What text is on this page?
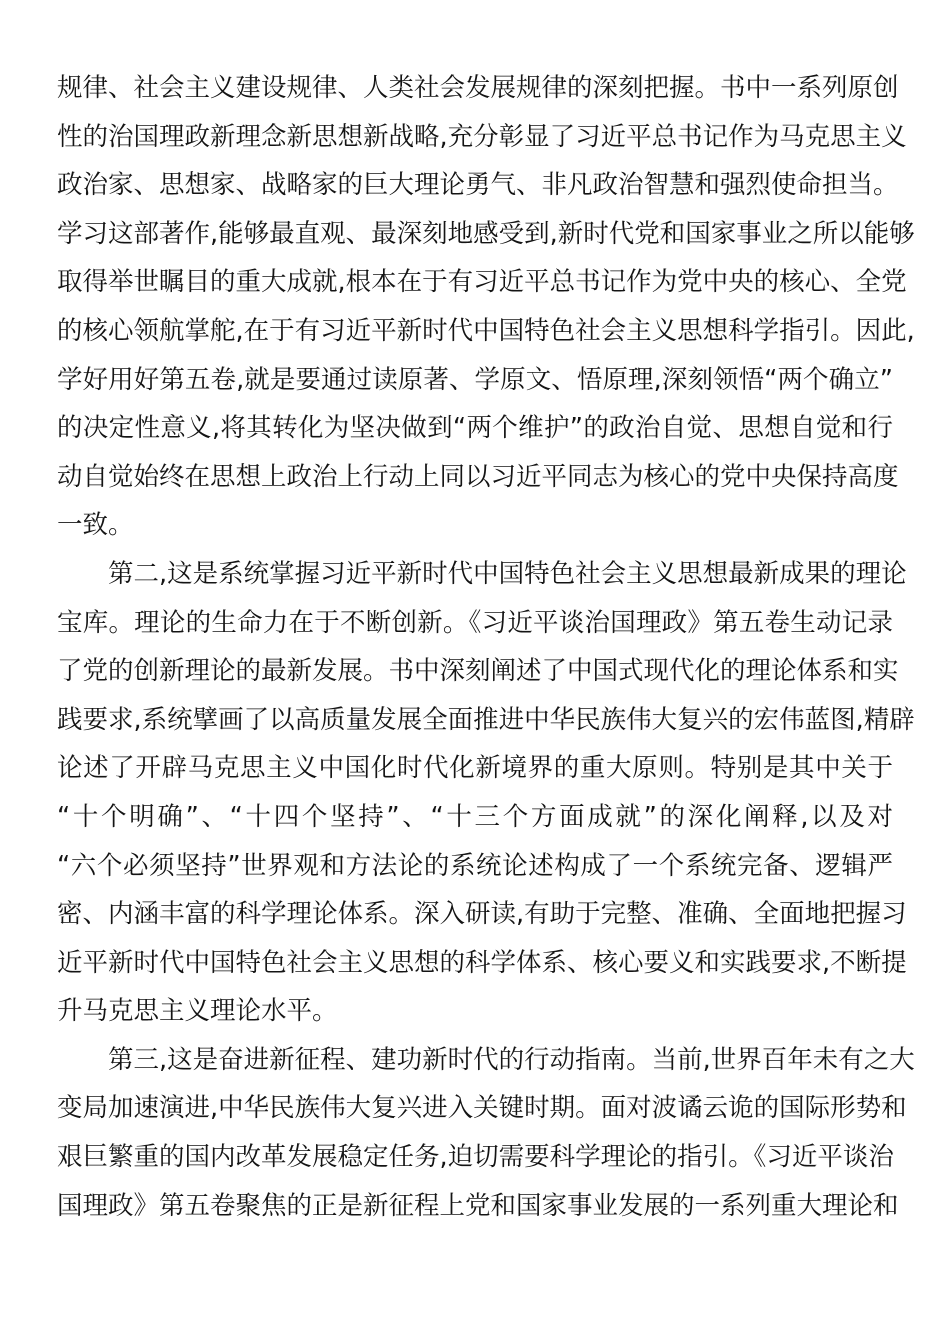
规律、社会主义建设规律、人类社会发展规律的深刻把握。书中一系列原创
性的治国理政新理念新思想新战略,充分彰显了习近平总书记作为马克思主义
政治家、思想家、战略家的巨大理论勇气、非凡政治智慧和强烈使命担当。
学习这部著作,能够最直观、最深刻地感受到,新时代党和国家事业之所以能够
取得举世瞩目的重大成就,根本在于有习近平总书记作为党中央的核心、全党
的核心领航掌舵,在于有习近平新时代中国特色社会主义思想科学指引。因此,
学好用好第五卷,就是要通过读原著、学原文、悟原理,深刻领悟“两个确立”
的决定性意义,将其转化为坚决做到“两个维护”的政治自觉、思想自觉和行
动自觉始终在思想上政治上行动上同以习近平同志为核心的党中央保持高度
一致。
第二,这是系统掌握习近平新时代中国特色社会主义思想最新成果的理论
宝库。理论的生命力在于不断创新。《习近平谈治国理政》第五卷生动记录
了党的创新理论的最新发展。书中深刻阐述了中国式现代化的理论体系和实
践要求,系统擘画了以高质量发展全面推进中华民族伟大复兴的宏伟蓝图,精辟
论述了开辟马克思主义中国化时代化新境界的重大原则。特别是其中关于
“十个明确”、“十四个坚持”、“十三个方面成就”的深化阐释,以及对
“六个必须坚持”世界观和方法论的系统论述构成了一个系统完备、逻辑严
密、内涵丰富的科学理论体系。深入研读,有助于完整、准确、全面地把握习
近平新时代中国特色社会主义思想的科学体系、核心要义和实践要求,不断提
升马克思主义理论水平。
第三,这是奋进新征程、建功新时代的行动指南。当前,世界百年未有之大
变局加速演进,中华民族伟大复兴进入关键时期。面对波谲云诡的国际形势和
艰巨繁重的国内改革发展稳定任务,迫切需要科学理论的指引。《习近平谈治
国理政》第五卷聚焦的正是新征程上党和国家事业发展的一系列重大理论和
